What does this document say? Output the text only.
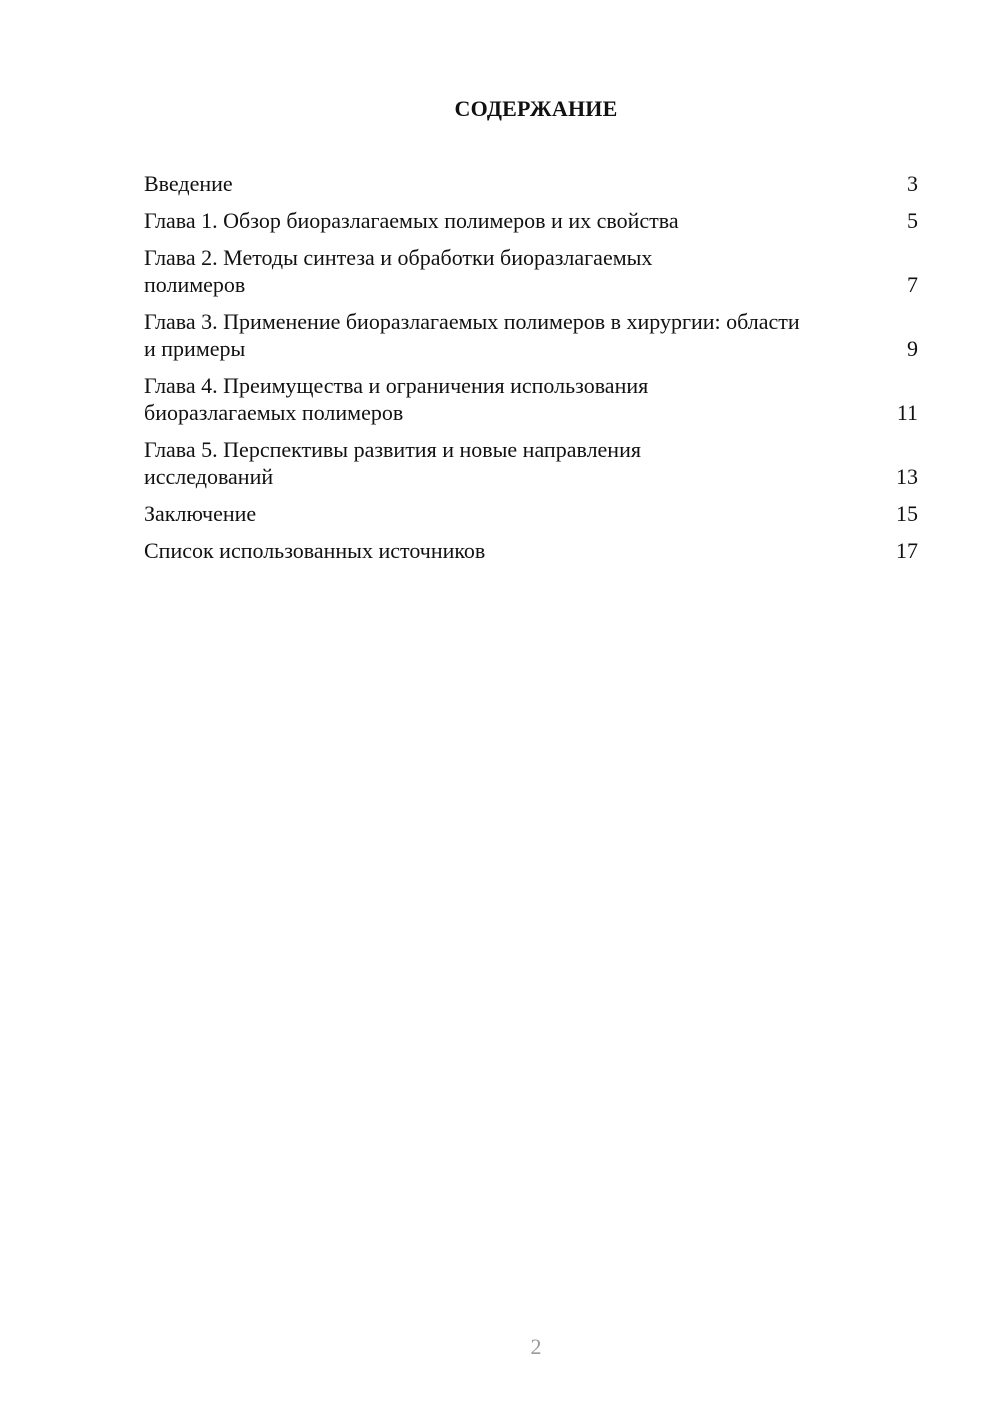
СОДЕРЖАНИЕ
Введение	3
Глава 1. Обзор биоразлагаемых полимеров и их свойства	5
Глава 2. Методы синтеза и обработки биоразлагаемых полимеров	7
Глава 3. Применение биоразлагаемых полимеров в хирургии: области и примеры	9
Глава 4. Преимущества и ограничения использования биоразлагаемых полимеров	11
Глава 5. Перспективы развития и новые направления исследований	13
Заключение	15
Список использованных источников	17
2
